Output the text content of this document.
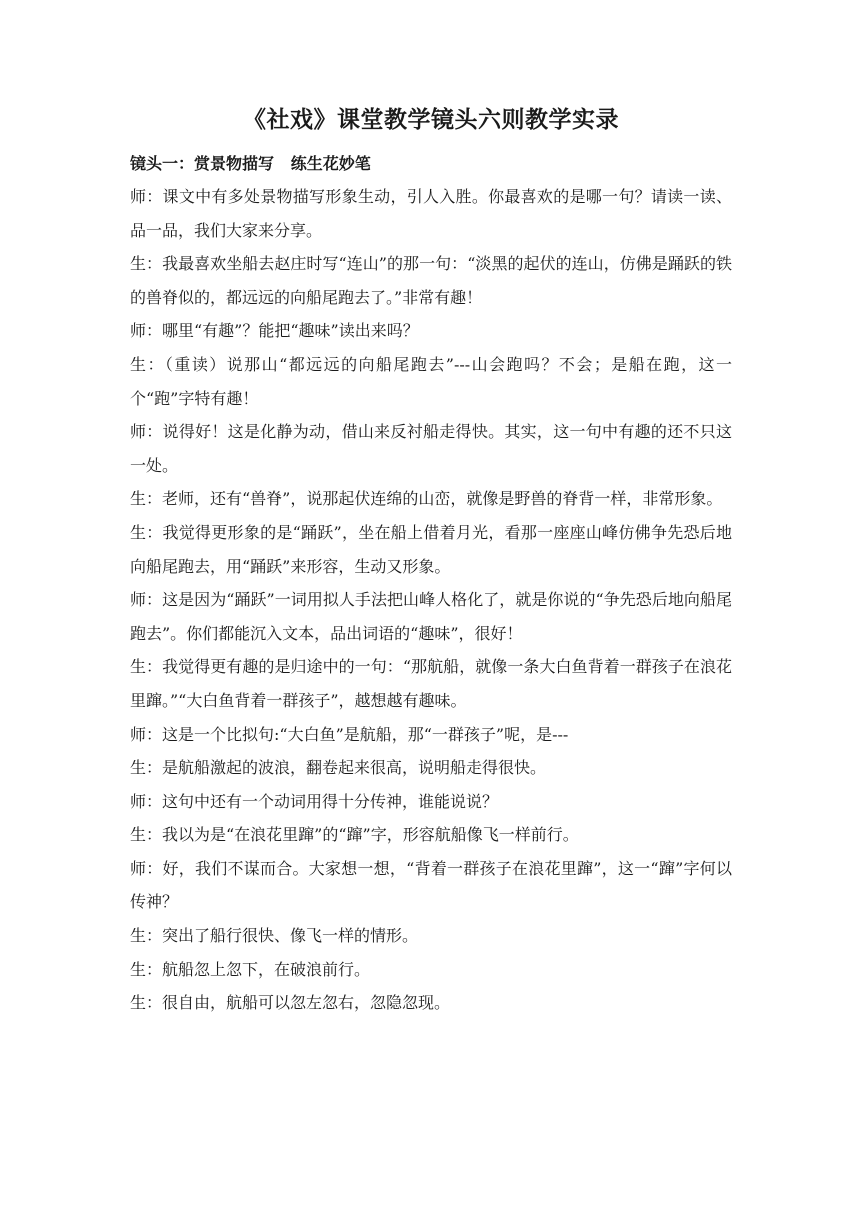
《社戏》课堂教学镜头六则教学实录

镜头一：赏景物描写   练生花妙笔

师：课文中有多处景物描写形象生动，引人入胜。你最喜欢的是哪一句？请读一读、品一品，我们大家来分享。

生：我最喜欢坐船去赵庄时写“连山”的那一句：“淡黑的起伏的连山，仿佛是踊跃的铁的兽脊似的，都远远的向船尾跑去了。”非常有趣！

师：哪里“有趣”？能把“趣味”读出来吗？

生：（重读）说那山“都远远的向船尾跑去”---山会跑吗？不会；是船在跑，这一个“跑”字特有趣！

师：说得好！这是化静为动，借山来反衬船走得快。其实，这一句中有趣的还不只这一处。

生：老师，还有“兽脊”，说那起伏连绵的山峦，就像是野兽的脊背一样，非常形象。

生：我觉得更形象的是“踊跃”，坐在船上借着月光，看那一座座山峰仿佛争先恐后地向船尾跑去，用“踊跃”来形容，生动又形象。

师：这是因为“踊跃”一词用拟人手法把山峰人格化了，就是你说的“争先恐后地向船尾跑去”。你们都能沉入文本，品出词语的“趣味”，很好！

生：我觉得更有趣的是归途中的一句：“那航船，就像一条大白鱼背着一群孩子在浪花里蹿。”“大白鱼背着一群孩子”，越想越有趣味。

师：这是一个比拟句:“大白鱼”是航船，那“一群孩子”呢，是---

生：是航船激起的波浪，翻卷起来很高，说明船走得很快。

师：这句中还有一个动词用得十分传神，谁能说说？

生：我以为是“在浪花里蹿”的“蹿”字，形容航船像飞一样前行。

师：好，我们不谋而合。大家想一想，“背着一群孩子在浪花里蹿”，这一“蹿”字何以传神？

生：突出了船行很快、像飞一样的情形。

生：航船忽上忽下，在破浪前行。

生：很自由，航船可以忽左忽右，忽隐忽现。
